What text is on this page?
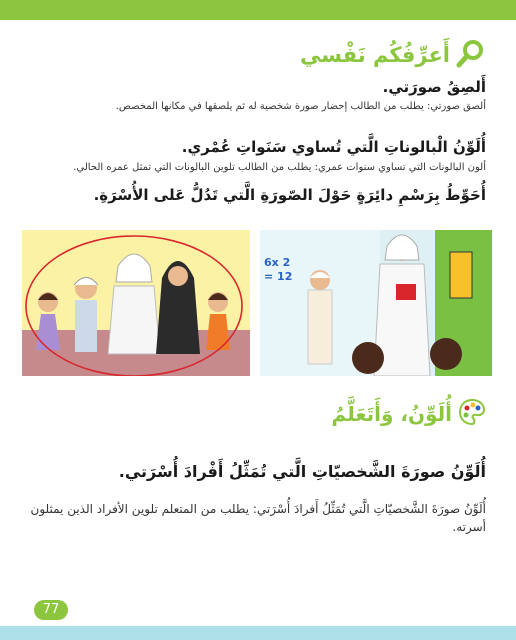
أَعرِّفُكُم نَفْسي
أَلصِقُ صورَتي.
ألصق صورتي: يطلب من الطالب إحضار صورة شخصية له ثم يلصقها في مكانها المخصص.
أُلَوِّنُ الْبالوناتِ الَّتي تُساوي سَنَواتِ عُمْري.
ألون البالونات التي تساوي سنوات عمري: يطلب من الطالب تلوين البالونات التي تمثل عمره الحالي.
أُحَوِّطُ بِرَسْمِ دائِرَةٍ حَوْلَ الصّورَةِ الَّتي تَدُلُّ عَلى الأُسْرَةِ.
6x 2 = 12
أُلَوِّنُ، وَأَتَعَلَّمُ
أُلَوِّنُ صورَةَ الشَّخصيّاتِ الَّتي تُمَثِّلُ أَفْرادَ أُسْرَتي.
أُلَوِّنُ صورَةَ الشَّخصيّاتِ الَّتي تُمَثِّلُ أَفرادَ أُسْرَتي: يطلب من المتعلم تلوين الأفراد الذين يمثلون أسرته.
77
